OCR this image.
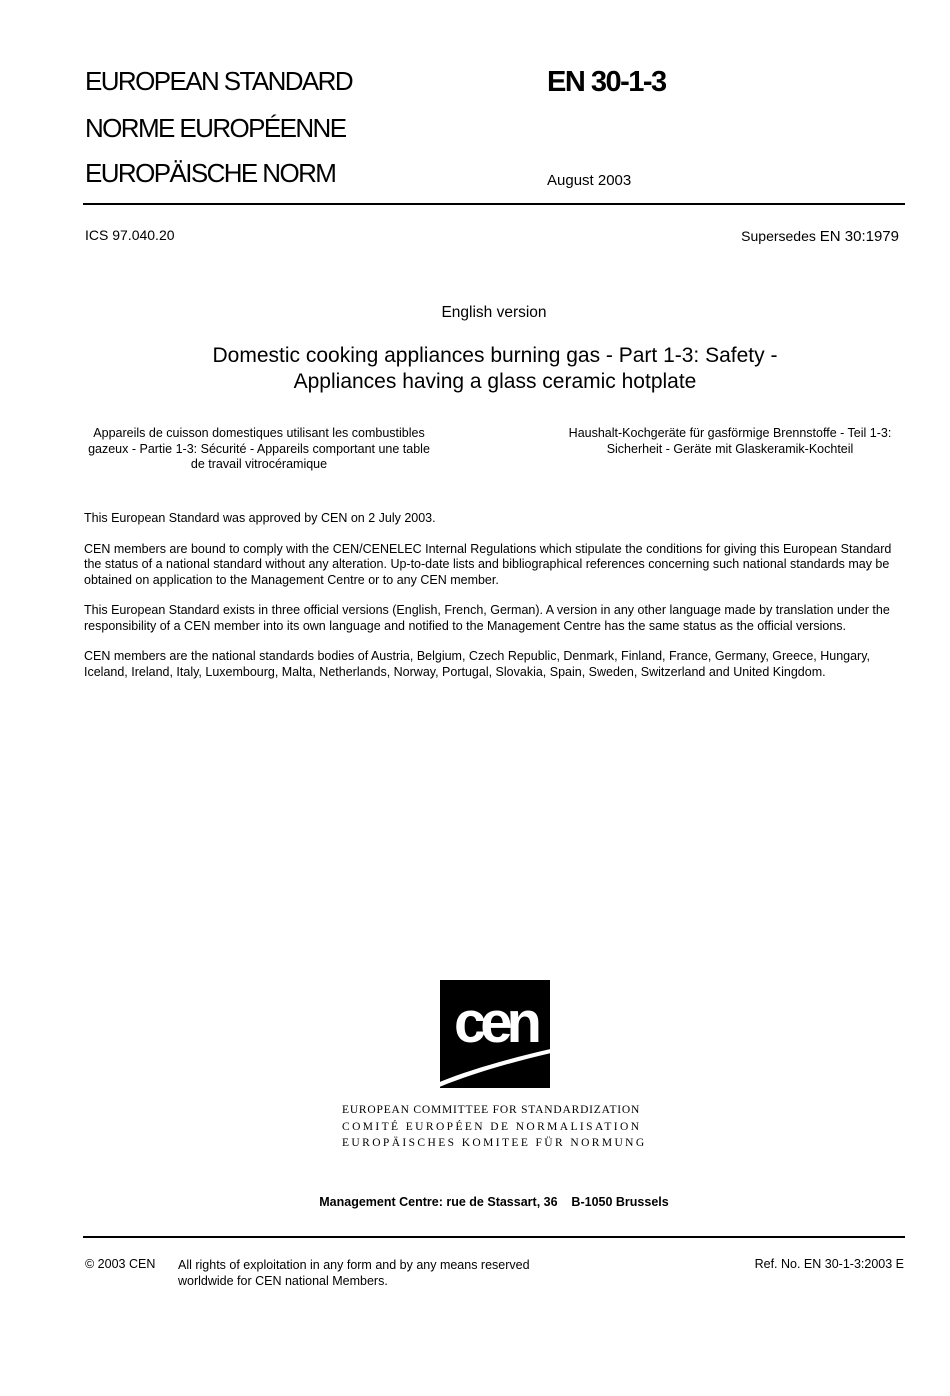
EUROPEAN STANDARD
NORME EUROPÉENNE
EUROPÄISCHE NORM
EN 30-1-3
August 2003
ICS 97.040.20	Supersedes EN 30:1979
English version
Domestic cooking appliances burning gas - Part 1-3: Safety -
Appliances having a glass ceramic hotplate
Appareils de cuisson domestiques utilisant les combustibles gazeux - Partie 1-3: Sécurité - Appareils comportant une table de travail vitrocéramique
Haushalt-Kochgeräte für gasförmige Brennstoffe - Teil 1-3:
Sicherheit - Geräte mit Glaskeramik-Kochteil

This European Standard was approved by CEN on 2 July 2003.

CEN members are bound to comply with the CEN/CENELEC Internal Regulations which stipulate the conditions for giving this European Standard the status of a national standard without any alteration. Up-to-date lists and bibliographical references concerning such national standards may be obtained on application to the Management Centre or to any CEN member.

This European Standard exists in three official versions (English, French, German). A version in any other language made by translation under the responsibility of a CEN member into its own language and notified to the Management Centre has the same status as the official versions.

CEN members are the national standards bodies of Austria, Belgium, Czech Republic, Denmark, Finland, France, Germany, Greece, Hungary, Iceland, Ireland, Italy, Luxembourg, Malta, Netherlands, Norway, Portugal, Slovakia, Spain, Sweden, Switzerland and United Kingdom.

cen
EUROPEAN COMMITTEE FOR STANDARDIZATION
COMITÉ EUROPÉEN DE NORMALISATION
EUROPÄISCHES KOMITEE FÜR NORMUNG
Management Centre: rue de Stassart, 36    B-1050 Brussels
© 2003 CEN All rights of exploitation in any form and by any means reserved
worldwide for CEN national Members.
Ref. No. EN 30-1-3:2003 E
